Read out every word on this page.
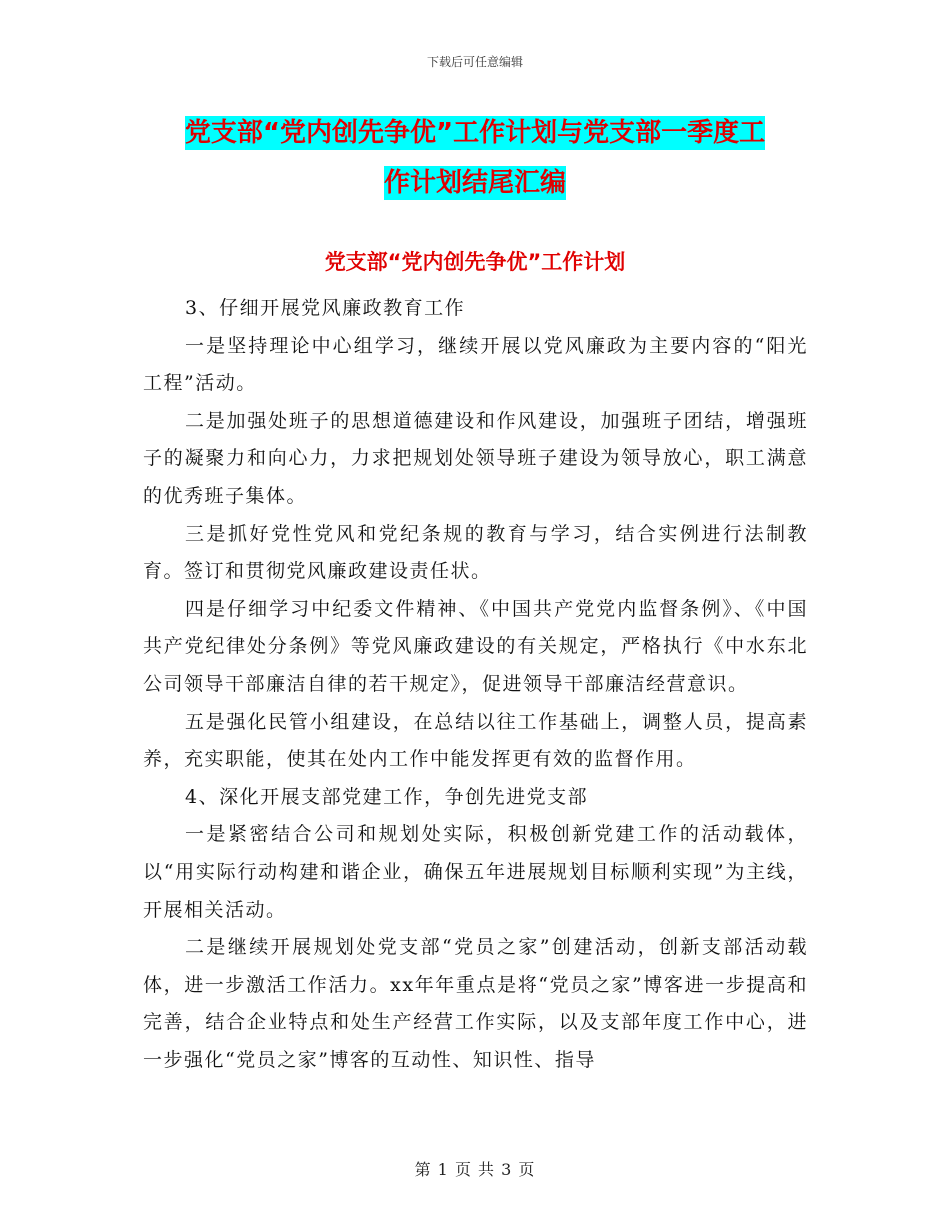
下载后可任意编辑
党支部“党内创先争优”工作计划与党支部一季度工
作计划结尾汇编
党支部“党内创先争优”工作计划

3、仔细开展党风廉政教育工作

一是坚持理论中心组学习，继续开展以党风廉政为主要内容的“阳光工程”活动。

二是加强处班子的思想道德建设和作风建设，加强班子团结，增强班子的凝聚力和向心力，力求把规划处领导班子建设为领导放心，职工满意的优秀班子集体。

三是抓好党性党风和党纪条规的教育与学习，结合实例进行法制教育。签订和贯彻党风廉政建设责任状。

四是仔细学习中纪委文件精神、《中国共产党党内监督条例》、《中国共产党纪律处分条例》等党风廉政建设的有关规定，严格执行《中水东北公司领导干部廉洁自律的若干规定》，促进领导干部廉洁经营意识。

五是强化民管小组建设，在总结以往工作基础上，调整人员，提高素养，充实职能，使其在处内工作中能发挥更有效的监督作用。

4、深化开展支部党建工作，争创先进党支部

一是紧密结合公司和规划处实际，积极创新党建工作的活动载体，以“用实际行动构建和谐企业，确保五年进展规划目标顺利实现”为主线，开展相关活动。

二是继续开展规划处党支部“党员之家”创建活动，创新支部活动载体，进一步激活工作活力。xx年年重点是将“党员之家”博客进一步提高和完善，结合企业特点和处生产经营工作实际，以及支部年度工作中心，进一步强化“党员之家”博客的互动性、知识性、指导

第 1 页 共 3 页
